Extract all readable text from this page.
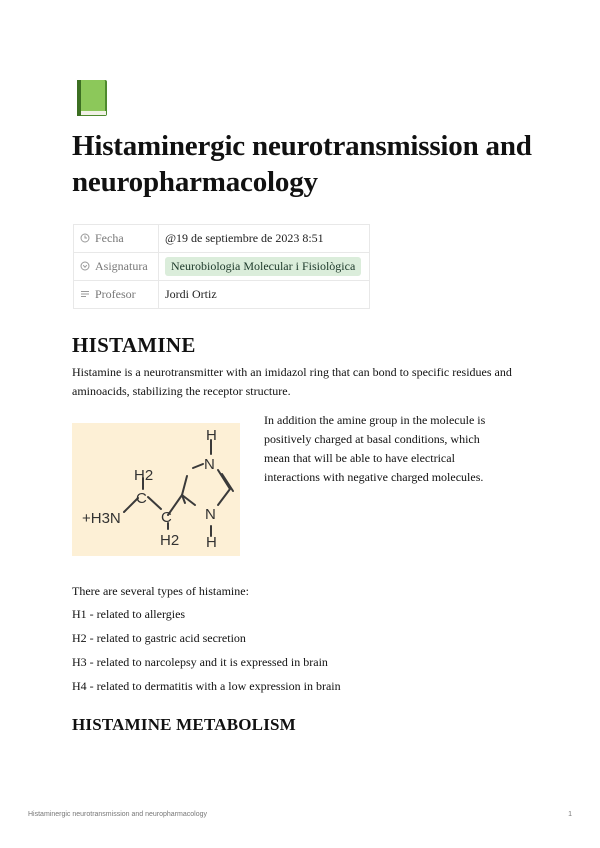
Histaminergic neurotransmission and neuropharmacology
Fecha	@19 de septiembre de 2023 8:51
Asignatura	Neurobiologia Molecular i Fisiològica
Profesor	Jordi Ortiz
HISTAMINE

Histamine is a neurotransmitter with an imidazol ring that can bond to specific residues and aminoacids, stabilizing the receptor structure.

H
N
N
H
H2
C
C
H2
+H3N

In addition the amine group in the molecule is positively charged at basal conditions, which mean that will be able to have electrical interactions with negative charged molecules.

There are several types of histamine:

H1 - related to allergies
H2 - related to gastric acid secretion
H3 - related to narcolepsy and it is expressed in brain
H4 - related to dermatitis with a low expression in brain
HISTAMINE METABOLISM
Histaminergic neurotransmission and neuropharmacology	1
